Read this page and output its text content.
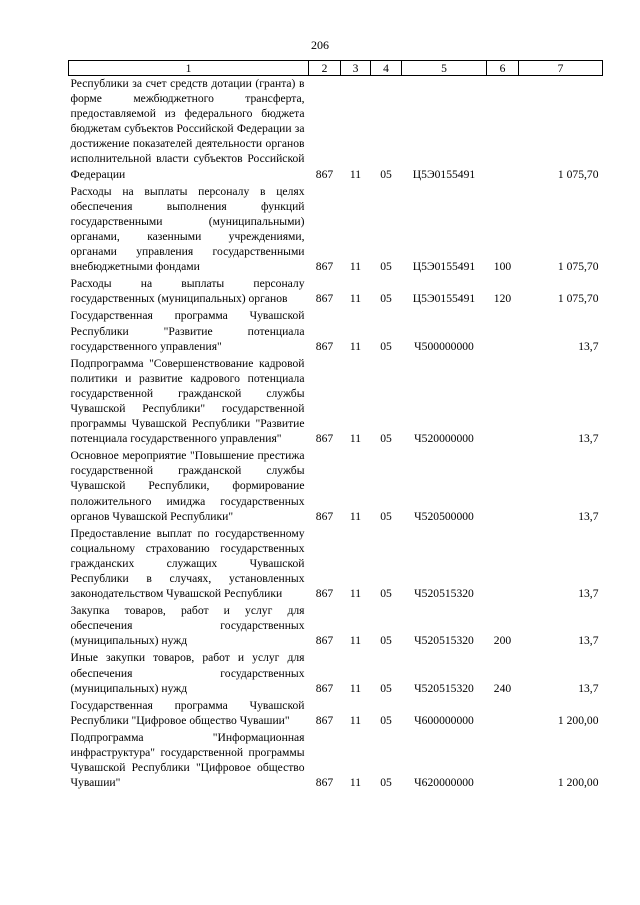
206
1	2	3	4	5	6	7
Республики за счет средств дотации (гранта) в форме межбюджетного трансферта, предоставляемой из федерального бюджета бюджетам субъектов Российской Федерации за достижение показателей деятельности органов исполнительной власти субъектов Российской Федерации	867	11	05	Ц5Э0155491		1 075,70
Расходы на выплаты персоналу в целях обеспечения выполнения функций государственными (муниципальными) органами, казенными учреждениями, органами управления государственными внебюджетными фондами	867	11	05	Ц5Э0155491	100	1 075,70
Расходы на выплаты персоналу государственных (муниципальных) органов	867	11	05	Ц5Э0155491	120	1 075,70
Государственная программа Чувашской Республики "Развитие потенциала государственного управления"	867	11	05	Ч500000000		13,7
Подпрограмма "Совершенствование кадровой политики и развитие кадрового потенциала государственной гражданской службы Чувашской Республики" государственной программы Чувашской Республики "Развитие потенциала государственного управления"	867	11	05	Ч520000000		13,7
Основное мероприятие "Повышение престижа государственной гражданской службы Чувашской Республики, формирование положительного имиджа государственных органов Чувашской Республики"	867	11	05	Ч520500000		13,7
Предоставление выплат по государственному социальному страхованию государственных гражданских служащих Чувашской Республики в случаях, установленных законодательством Чувашской Республики	867	11	05	Ч520515320		13,7
Закупка товаров, работ и услуг для обеспечения государственных (муниципальных) нужд	867	11	05	Ч520515320	200	13,7
Иные закупки товаров, работ и услуг для обеспечения государственных (муниципальных) нужд	867	11	05	Ч520515320	240	13,7
Государственная программа Чувашской Республики "Цифровое общество Чувашии"	867	11	05	Ч600000000		1 200,00
Подпрограмма "Информационная инфраструктура" государственной программы Чувашской Республики "Цифровое общество Чувашии"	867	11	05	Ч620000000		1 200,00
